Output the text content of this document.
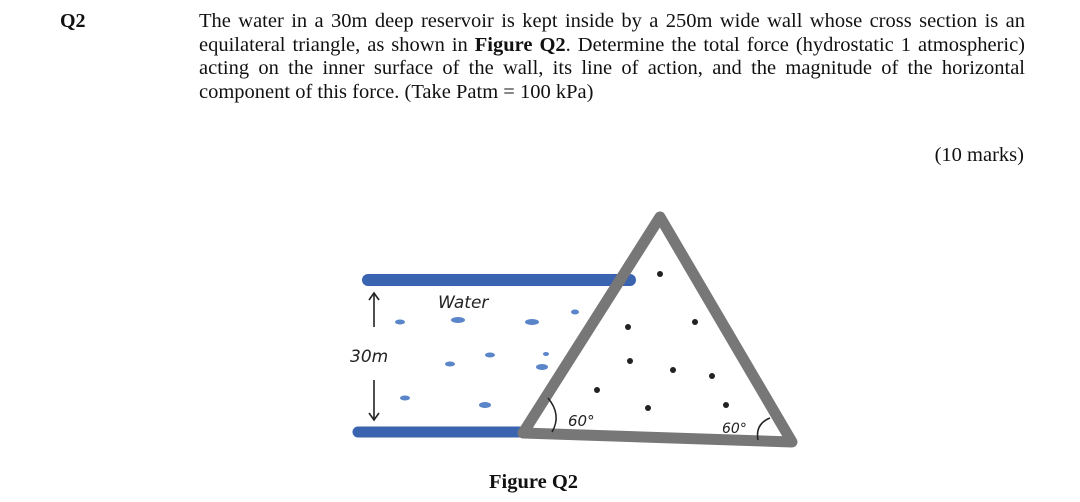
Q2	The water in a 30m deep reservoir is kept inside by a 250m wide wall whose cross section is an equilateral triangle, as shown in Figure Q2. Determine the total force (hydrostatic 1 atmospheric) acting on the inner surface of the wall, its line of action, and the magnitude of the horizontal component of this force. (Take Patm = 100 kPa)
(10 marks)
30m
Water
60°	60°
Figure Q2
